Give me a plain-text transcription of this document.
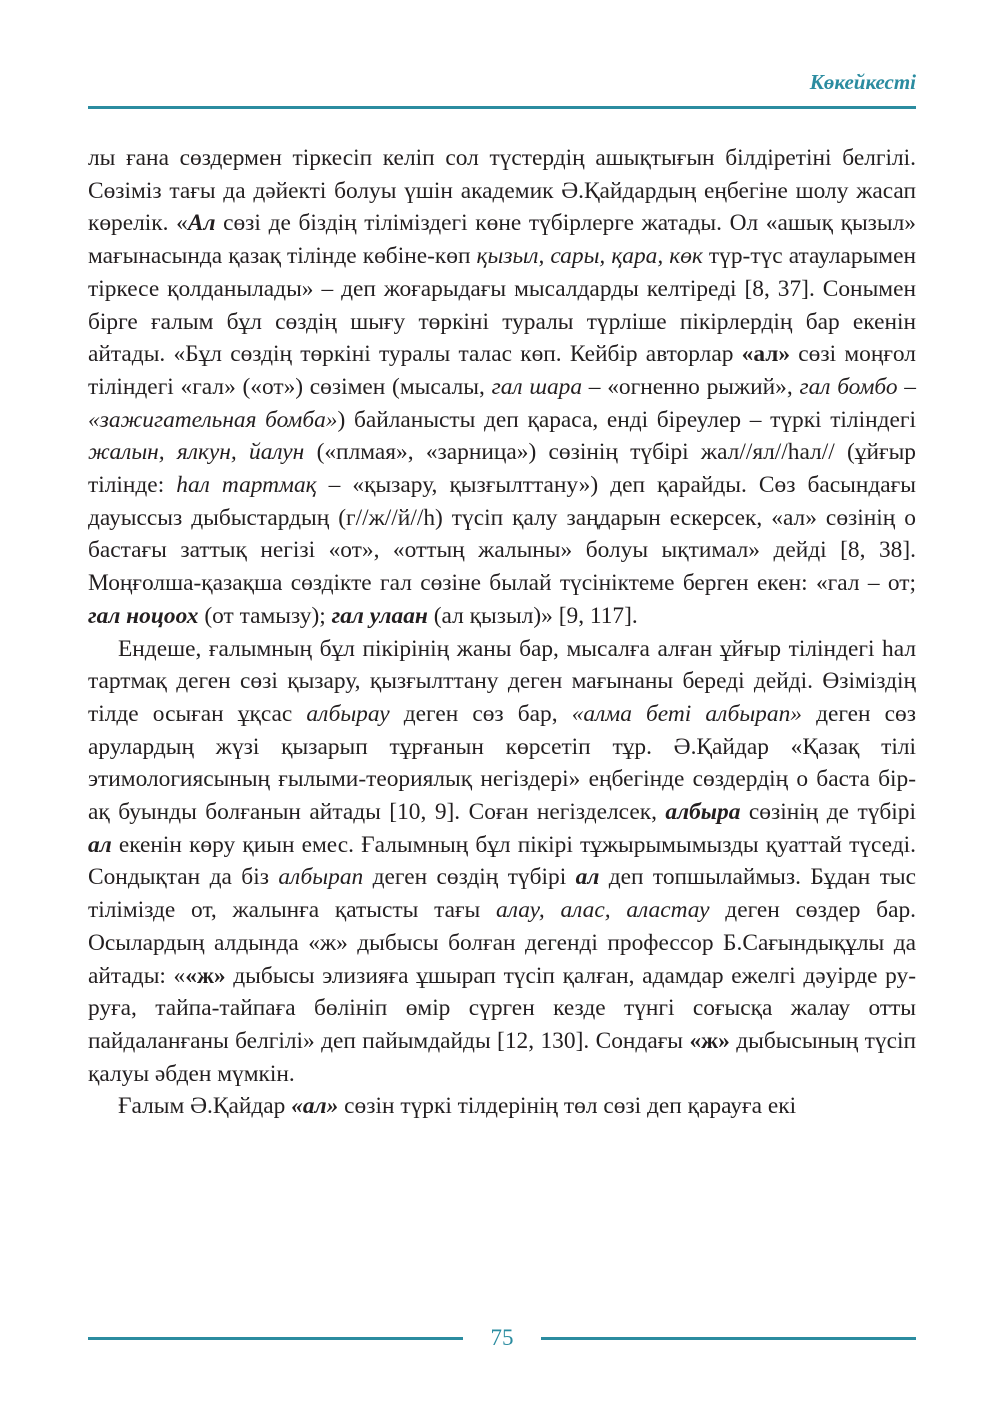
Көкейкесті

лы ғана сөздермен тіркесіп келіп сол түстердің ашықтығын білдіретіні белгілі. Сөзіміз тағы да дәйекті болуы үшін академик Ә.Қайдардың еңбегіне шолу жасап көрелік. «Ал сөзі де біздің тіліміздегі көне түбірлерге жатады. Ол «ашық қызыл» мағынасында қазақ тілінде көбіне-көп қызыл, сары, қара, көк түр-түс атауларымен тіркесе қолданылады» – деп жоғарыдағы мысалдарды келтіреді [8, 37]. Сонымен бірге ғалым бұл сөздің шығу төркіні туралы түрліше пікірлердің бар екенін айтады. «Бұл сөздің төркіні туралы талас көп. Кейбір авторлар «ал» сөзі моңғол тіліндегі «гал» («от») сөзімен (мысалы, гал шара – «огненно рыжий», гал бомбо – «зажигательная бомба») байланысты деп қараса, енді біреулер – түркі тіліндегі жалын, ялкун, йалун («плмая», «зарница») сөзінің түбірі жал//ял//һал// (ұйғыр тілінде: һал тартмақ – «қызару, қызғылттану») деп қарайды. Сөз басындағы дауыссыз дыбыстардың (г//ж//й//h) түсіп қалу заңдарын ескерсек, «ал» сөзінің о бастағы заттық негізі «от», «оттың жалыны» болуы ықтимал» дейді [8, 38]. Моңғолша-қазақша сөздікте гал сөзіне былай түсініктеме берген екен: «гал – от; гал ноцоох (от тамызу); гал улаан (ал қызыл)» [9, 117].

Ендеше, ғалымның бұл пікірінің жаны бар, мысалға алған ұйғыр тіліндегі һал тартмақ деген сөзі қызару, қызғылттану деген мағынаны береді дейді. Өзіміздің тілде осыған ұқсас албырау деген сөз бар, «алма беті албырап» деген сөз арулардың жүзі қызарып тұрғанын көрсетіп тұр. Ә.Қайдар «Қазақ тілі этимологиясының ғылыми-теориялық негіздері» еңбегінде сөздердің о баста бір-ақ буынды болғанын айтады [10, 9]. Соған негізделсек, албыра сөзінің де түбірі ал екенін көру қиын емес. Ғалымның бұл пікірі тұжырымымызды қуаттай түседі. Сондықтан да біз албырап деген сөздің түбірі ал деп топшылаймыз. Бұдан тыс тілімізде от, жалынға қатысты тағы алау, алас, аластау деген сөздер бар. Осылардың алдында «ж» дыбысы болған дегенді профессор Б.Сағындықұлы да айтады: ««ж» дыбысы элизияға ұшырап түсіп қалған, адамдар ежелгі дәуірде ру-руға, тайпа-тайпаға бөлініп өмір сүрген кезде түнгі соғысқа жалау отты пайдаланғаны белгілі» деп пайымдайды [12, 130]. Сондағы «ж» дыбысының түсіп қалуы әбден мүмкін.

Ғалым Ә.Қайдар «ал» сөзін түркі тілдерінің төл сөзі деп қарауға екі

75
